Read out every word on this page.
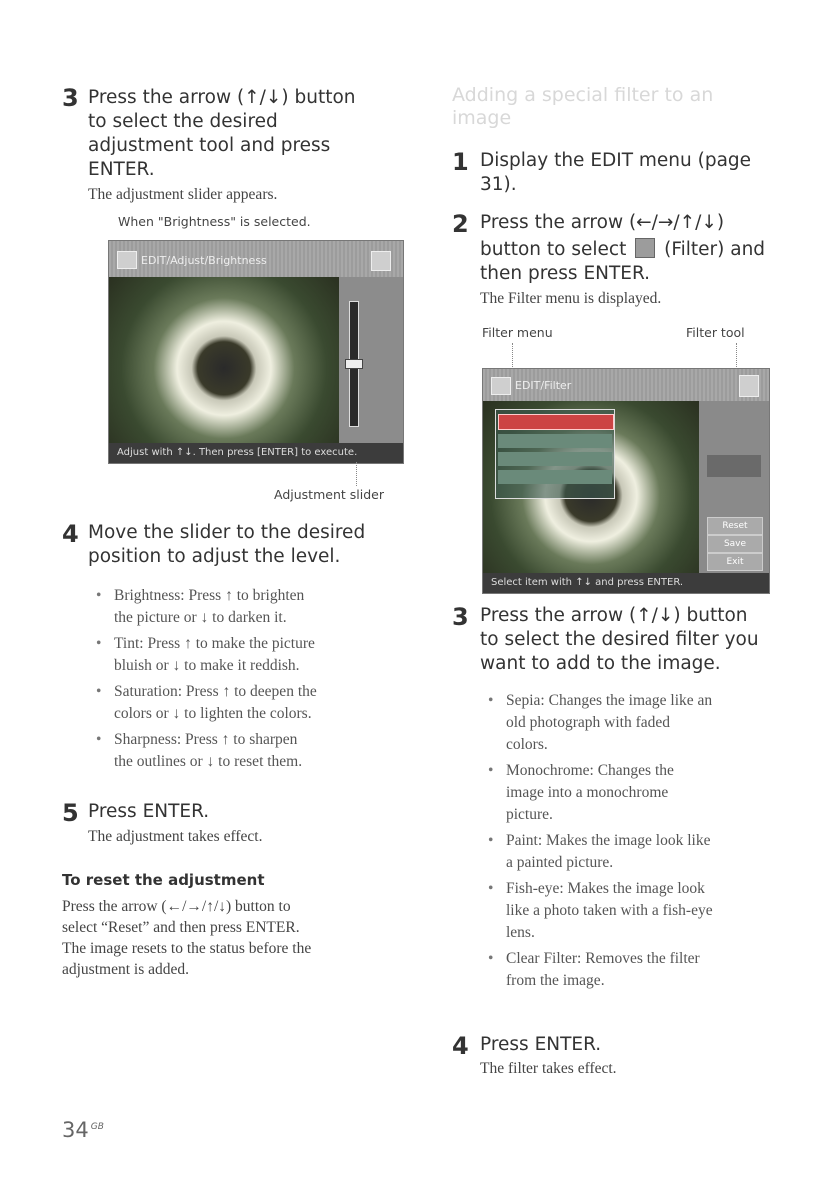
3 Press the arrow (↑/↓) button
to select the desired
adjustment tool and press
ENTER.
The adjustment slider appears.
When "Brightness" is selected.
EDIT/Adjust/Brightness
Adjust with ↑↓. Then press [ENTER] to execute.
Adjustment slider
4 Move the slider to the desired
position to adjust the level.
• Brightness: Press ↑ to brighten
the picture or ↓ to darken it.
• Tint: Press ↑ to make the picture
bluish or ↓ to make it reddish.
• Saturation: Press ↑ to deepen the
colors or ↓ to lighten the colors.
• Sharpness: Press ↑ to sharpen
the outlines or ↓ to reset them.
5 Press ENTER.
The adjustment takes effect.
To reset the adjustment
Press the arrow (←/→/↑/↓) button to
select “Reset” and then press ENTER.
The image resets to the status before the
adjustment is added.
Adding a special filter to an
image
1 Display the EDIT menu (page
31).
2 Press the arrow (←/→/↑/↓)
button to select (Filter) and
then press ENTER.
The Filter menu is displayed.
Filter menu	Filter tool
EDIT/Filter
Reset
Save
Exit
Select item with ↑↓ and press ENTER.
3 Press the arrow (↑/↓) button
to select the desired filter you
want to add to the image.
• Sepia: Changes the image like an
old photograph with faded
colors.
• Monochrome: Changes the
image into a monochrome
picture.
• Paint: Makes the image look like
a painted picture.
• Fish-eye: Makes the image look
like a photo taken with a fish-eye
lens.
• Clear Filter: Removes the filter
from the image.
4 Press ENTER.
The filter takes effect.
34 $^{GB}$
